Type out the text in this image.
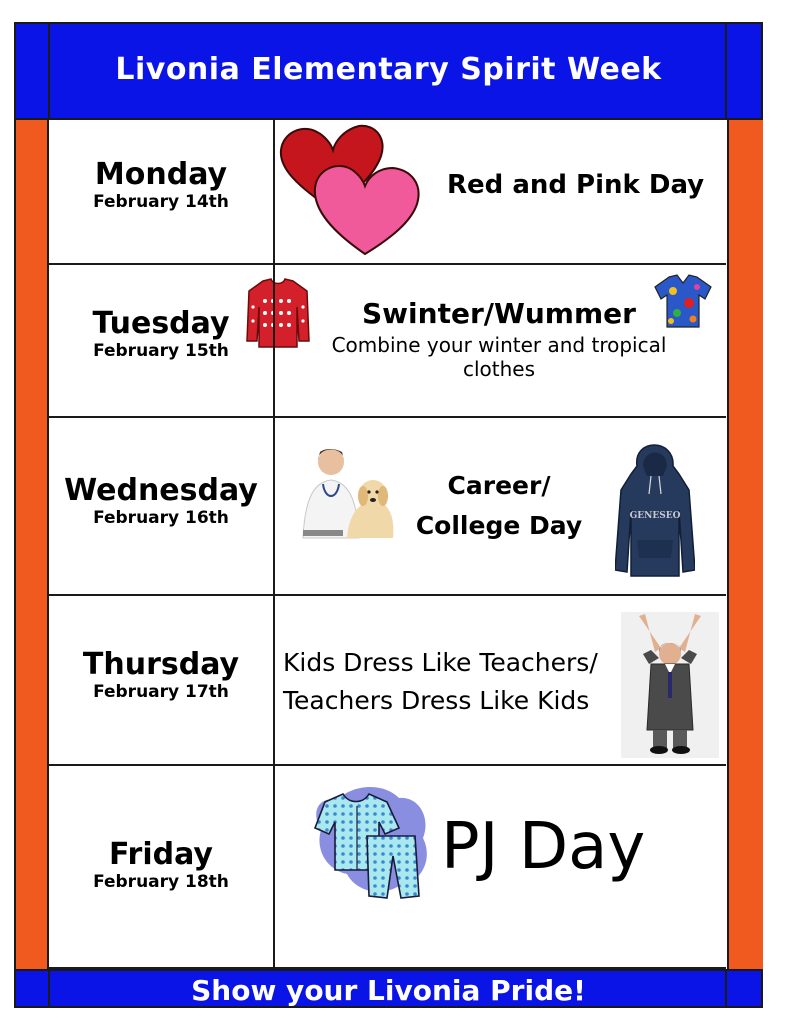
Livonia Elementary Spirit Week
Monday
February 14th
Red and Pink Day
Tuesday
February 15th
Swinter/Wummer
Combine your winter and tropical clothes
Wednesday
February 16th
Career/
College Day	GENESEO
Thursday
February 17th
Kids Dress Like Teachers/
Teachers Dress Like Kids
Friday
February 18th	PJ Day
Show your Livonia Pride!
